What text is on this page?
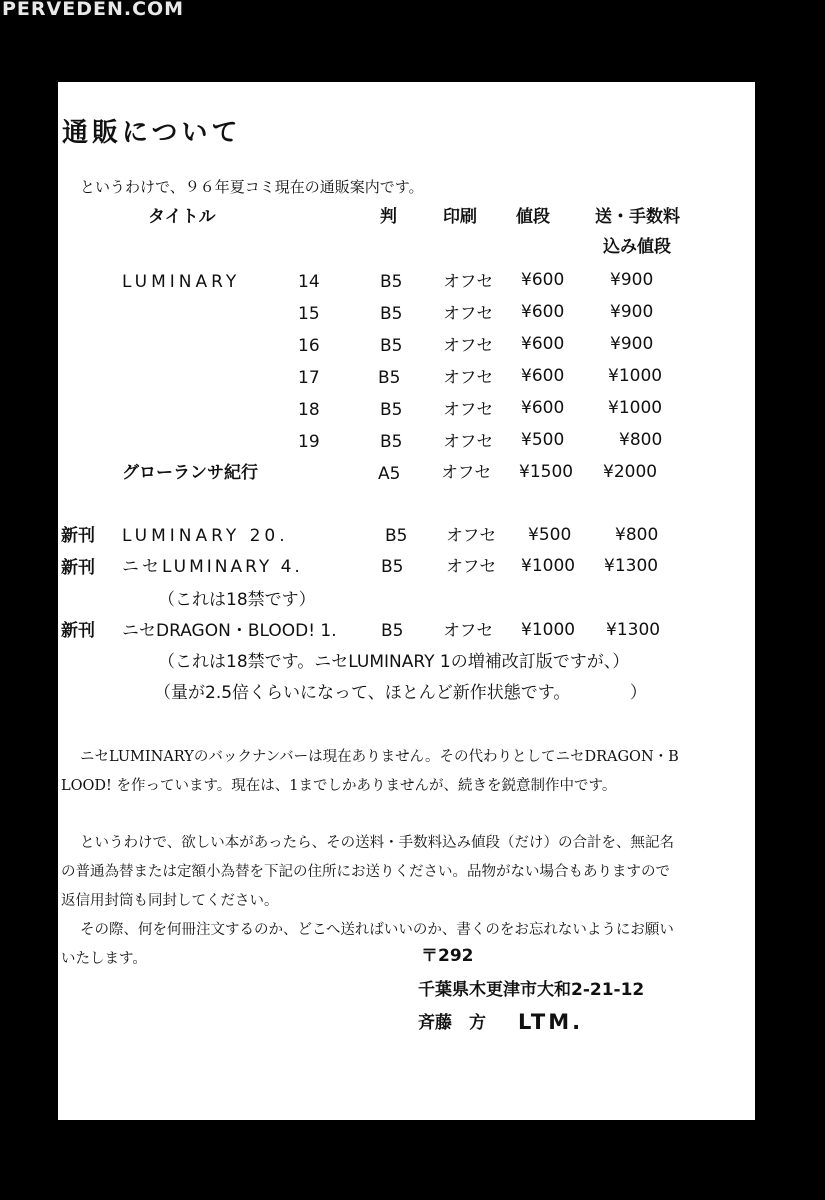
PERVEDEN.COM
通販について
というわけで、９６年夏コミ現在の通販案内です。
タイトル	判	印刷 値段	送・手数料
込み値段
LUMINARY	14	B5 オフセ ¥600	¥900
15	B5 オフセ ¥600	¥900
16	B5 オフセ ¥600	¥900
17	B5	オフセ ¥600	¥1000
18	B5 オフセ ¥600	¥1000
19	B5 オフセ ¥500	¥800
グローランサ紀行	A5 オフセ ¥1500 ¥2000
新刊 LUMINARY 20.	B5 オフセ ¥500	¥800
新刊 ニセLUMINARY 4.	B5	オフセ ¥1000 ¥1300
（これは18禁です）
新刊 ニセDRAGON・BLOOD! 1.	B5 オフセ ¥1000 ¥1300
（これは18禁です。ニセLUMINARY 1の増補改訂版ですが、）
（量が2.5倍くらいになって、ほとんど新作状態です。　　　　）
ニセLUMINARYのバックナンバーは現在ありません。その代わりとしてニセDRAGON・B
LOOD! を作っています。現在は、1までしかありませんが、続きを鋭意制作中です。
というわけで、欲しい本があったら、その送料・手数料込み値段（だけ）の合計を、無記名
の普通為替または定額小為替を下記の住所にお送りください。品物がない場合もありますので
返信用封筒も同封してください。
その際、何を何冊注文するのか、どこへ送ればいいのか、書くのをお忘れないようにお願い
いたします。	〒292
千葉県木更津市大和2-21-12
斉藤　方 LTM.
